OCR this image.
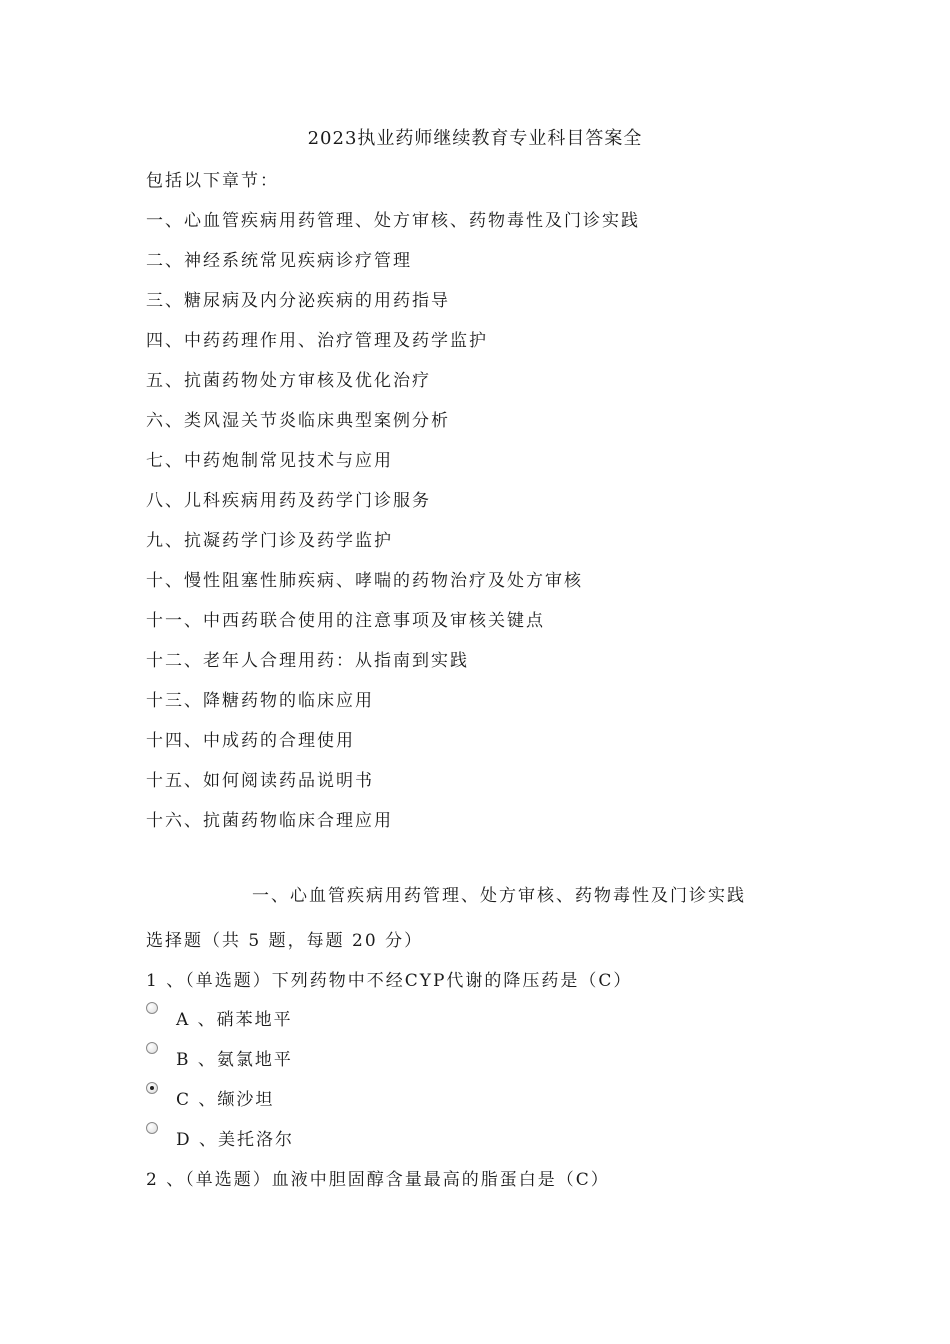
2023执业药师继续教育专业科目答案全
包括以下章节：
一、心血管疾病用药管理、处方审核、药物毒性及门诊实践
二、神经系统常见疾病诊疗管理
三、糖尿病及内分泌疾病的用药指导
四、中药药理作用、治疗管理及药学监护
五、抗菌药物处方审核及优化治疗
六、类风湿关节炎临床典型案例分析
七、中药炮制常见技术与应用
八、儿科疾病用药及药学门诊服务
九、抗凝药学门诊及药学监护
十、慢性阻塞性肺疾病、哮喘的药物治疗及处方审核
十一、中西药联合使用的注意事项及审核关键点
十二、老年人合理用药：从指南到实践
十三、降糖药物的临床应用
十四、中成药的合理使用
十五、如何阅读药品说明书
十六、抗菌药物临床合理应用
一、心血管疾病用药管理、处方审核、药物毒性及门诊实践
选择题（共 5 题，每题 20 分）
1 、（单选题）下列药物中不经CYP代谢的降压药是（C）
A 、硝苯地平
B 、氨氯地平
C 、缬沙坦
D 、美托洛尔
2 、（单选题）血液中胆固醇含量最高的脂蛋白是（C）
